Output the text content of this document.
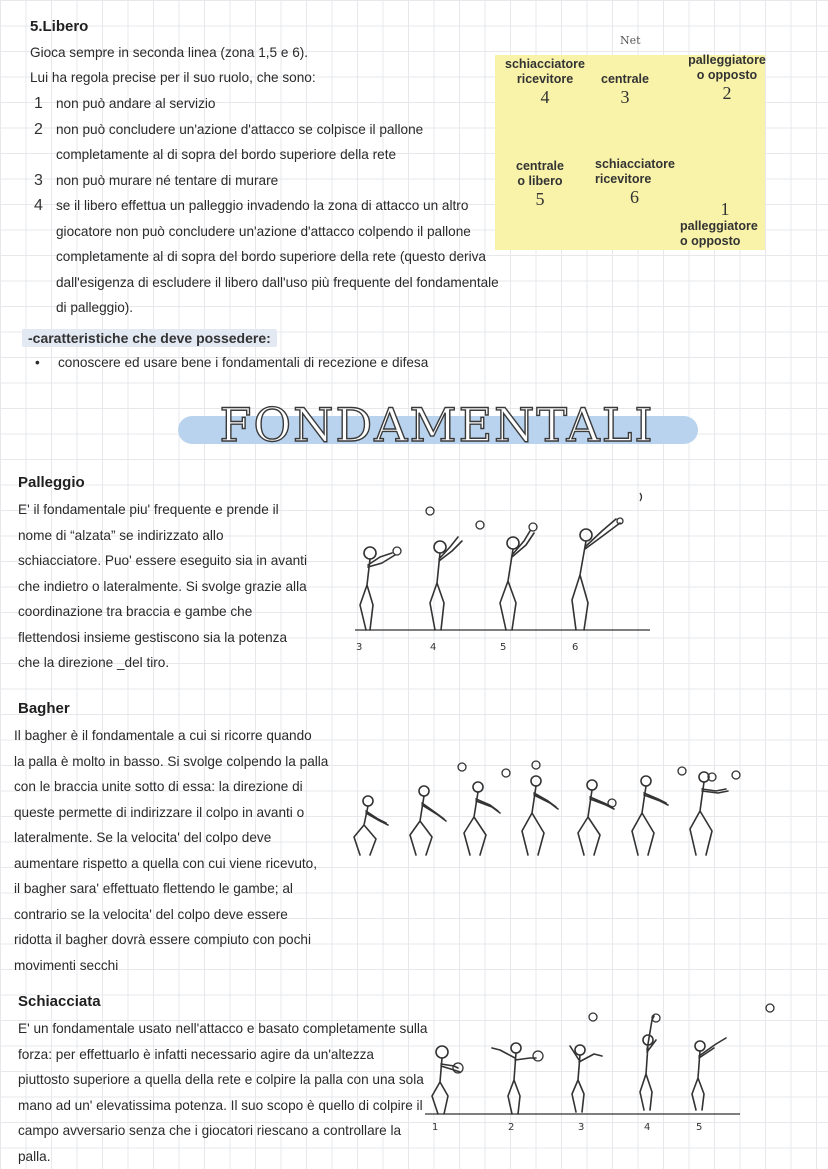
5.Libero
Gioca sempre in seconda linea (zona 1,5 e 6).
Lui ha regola precise per il suo ruolo, che sono:
1 non può andare al servizio
2 non può concludere un'azione d'attacco se colpisce il pallone
completamente al di sopra del bordo superiore della rete
3 non può murare né tentare di murare
4 se il libero effettua un palleggio invadendo la zona di attacco un altro
giocatore non può concludere un'azione d'attacco colpendo il pallone
completamente al di sopra del bordo superiore della rete (questo deriva
dall'esigenza di escludere il libero dall'uso più frequente del fondamentale
di palleggio).
-caratteristiche che deve possedere:
• conoscere ed usare bene i fondamentali di recezione e difesa
Net
schiacciatore
ricevitore
4
centrale
3
palleggiatore
o opposto
2
centrale
o libero
5
schiacciatore
ricevitore
6
1
palleggiatore
o opposto
FONDAMENTALI
Palleggio
E' il fondamentale piu' frequente e prende il
nome di “alzata” se indirizzato allo
schiacciatore. Puo' essere eseguito sia in avanti
che indietro o lateralmente. Si svolge grazie alla
coordinazione tra braccia e gambe che
flettendosi insieme gestiscono sia la potenza
che la direzione _del tiro.
3	4	5	6
Bagher
Il bagher è il fondamentale a cui si ricorre quando
la palla è molto in basso. Si svolge colpendo la palla
con le braccia unite sotto di essa: la direzione di
queste permette di indirizzare il colpo in avanti o
lateralmente. Se la velocita' del colpo deve
aumentare rispetto a quella con cui viene ricevuto,
il bagher sara' effettuato flettendo le gambe; al
contrario se la velocita' del colpo deve essere
ridotta il bagher dovrà essere compiuto con pochi
movimenti secchi
Schiacciata
E' un fondamentale usato nell'attacco e basato completamente sulla
forza: per effettuarlo è infatti necessario agire da un'altezza
piuttosto superiore a quella della rete e colpire la palla con una sola
mano ad un' elevatissima potenza. Il suo scopo è quello di colpire il
campo avversario senza che i giocatori riescano a controllare la
palla.
1	2	3	4	5
